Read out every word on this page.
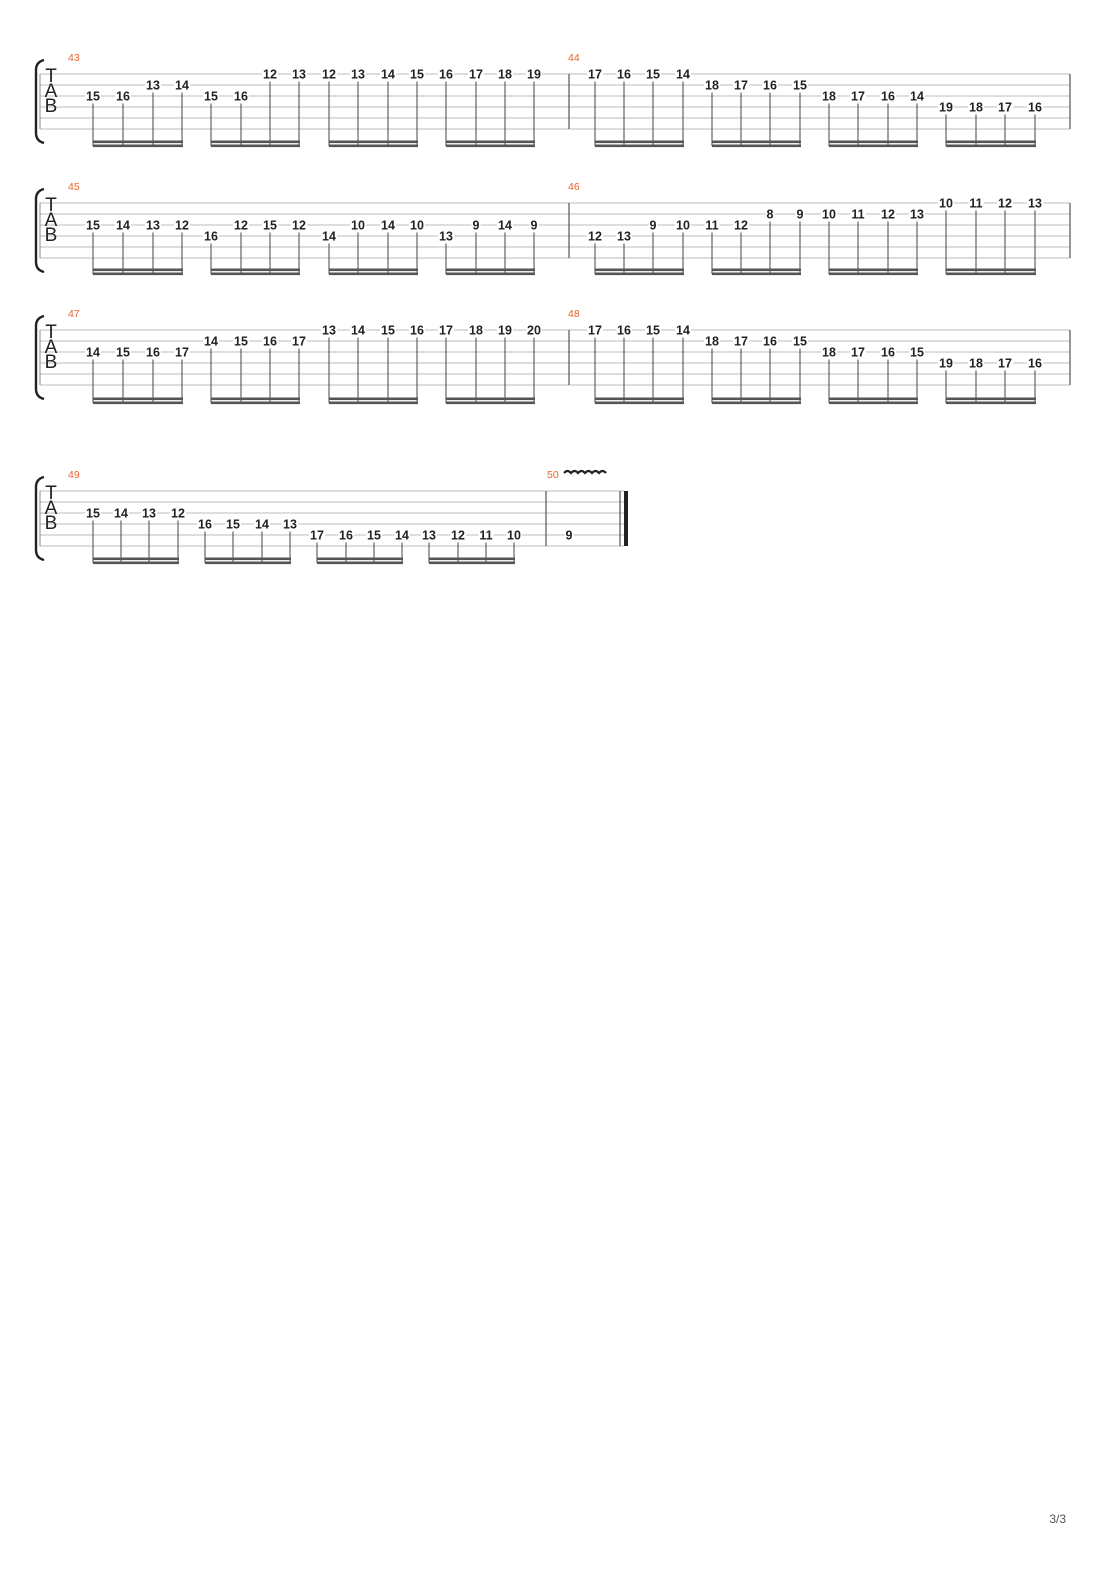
T
A
B
43
15 16
13 14
15 16
12 13 12 13 14 15 16 17 18 19
44
17 16 15 14
18 17 16 15
18 17 16 14
19 18 17 16
T
A
B
45
15 14 13 12
16
12 15 12
14
10 14 10
13
9 14 9
46
12 13
9 10 11 12
8 9 10 11 12 13
10 11 12 13
T
A
B
47
14 15 16 17
14 15 16 17
13 14 15 16 17 18 19 20
48
17 16 15 14
18 17 16 15
18 17 16 15
19 18 17 16
T
A
B
49
15 14 13 12
16 15 14 13
17 16 15 14 13 12 11 10
50
9
3/3
